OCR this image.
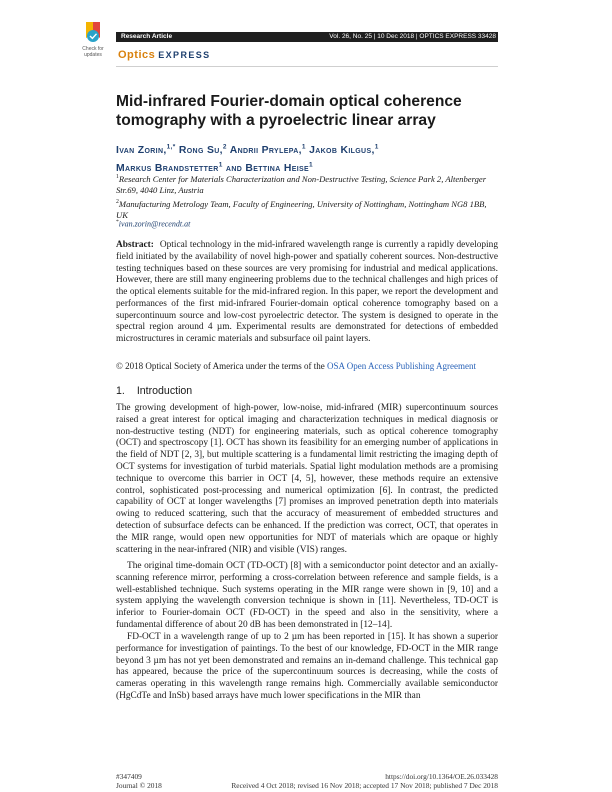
Check for updates
Research Article	Vol. 26, No. 25 | 10 Dec 2018 | OPTICS EXPRESS 33428
Optics EXPRESS
Mid-infrared Fourier-domain optical coherence tomography with a pyroelectric linear array
Ivan Zorin,$^{1,*}$ Rong Su,$^2$ Andrii Prylepa,$^1$ Jakob Kilgus,$^1$
Markus Brandstetter$^1$ and Bettina Heise$^1$
$^1$Research Center for Materials Characterization and Non-Destructive Testing, Science Park 2, Altenberger Str.69, 4040 Linz, Austria
$^2$Manufacturing Metrology Team, Faculty of Engineering, University of Nottingham, Nottingham NG8 1BB, UK
*ivan.zorin@recendt.at
Abstract: Optical technology in the mid-infrared wavelength range is currently a rapidly developing field initiated by the availability of novel high-power and spatially coherent sources. Non-destructive testing techniques based on these sources are very promising for industrial and medical applications. However, there are still many engineering problems due to the technical challenges and high prices of the optical elements suitable for the mid-infrared region. In this paper, we report the development and performances of the first mid-infrared Fourier-domain optical coherence tomography based on a supercontinuum source and low-cost pyroelectric detector. The system is designed to operate in the spectral region around 4 µm. Experimental results are demonstrated for detections of embedded microstructures in ceramic materials and subsurface oil paint layers.
© 2018 Optical Society of America under the terms of the OSA Open Access Publishing Agreement
1. Introduction
The growing development of high-power, low-noise, mid-infrared (MIR) supercontinuum sources raised a great interest for optical imaging and characterization techniques in medical diagnosis or non-destructive testing (NDT) for engineering materials, such as optical coherence tomography (OCT) and spectroscopy [1]. OCT has shown its feasibility for an emerging number of applications in the field of NDT [2, 3], but multiple scattering is a fundamental limit restricting the imaging depth of OCT systems for investigation of turbid materials. Spatial light modulation methods are a promising technique to overcome this barrier in OCT [4, 5], however, these methods require an extensive control, sophisticated post-processing and numerical optimization [6]. In contrast, the predicted capability of OCT at longer wavelengths [7] promises an improved penetration depth into materials owing to reduced scattering, such that the accuracy of measurement of embedded structures and detection of subsurface defects can be enhanced. If the prediction was correct, OCT, that operates in the MIR range, would open new opportunities for NDT of materials which are opaque or highly scattering in the near-infrared (NIR) and visible (VIS) ranges.
The original time-domain OCT (TD-OCT) [8] with a semiconductor point detector and an axially-scanning reference mirror, performing a cross-correlation between reference and sample fields, is a well-established technique. Such systems operating in the MIR range were shown in [9, 10] and a system applying the wavelength conversion technique is shown in [11]. Nevertheless, TD-OCT is inferior to Fourier-domain OCT (FD-OCT) in the speed and also in the sensitivity, where a fundamental difference of about 20 dB has been demonstrated in [12–14].
FD-OCT in a wavelength range of up to 2 µm has been reported in [15]. It has shown a superior performance for investigation of paintings. To the best of our knowledge, FD-OCT in the MIR range beyond 3 µm has not yet been demonstrated and remains an in-demand challenge. This technical gap has appeared, because the price of the supercontinuum sources is decreasing, while the costs of cameras operating in this wavelength range remains high. Commercially available semiconductor (HgCdTe and InSb) based arrays have much lower specifications in the MIR than
#347409
Journal © 2018
https://doi.org/10.1364/OE.26.033428
Received 4 Oct 2018; revised 16 Nov 2018; accepted 17 Nov 2018; published 7 Dec 2018
